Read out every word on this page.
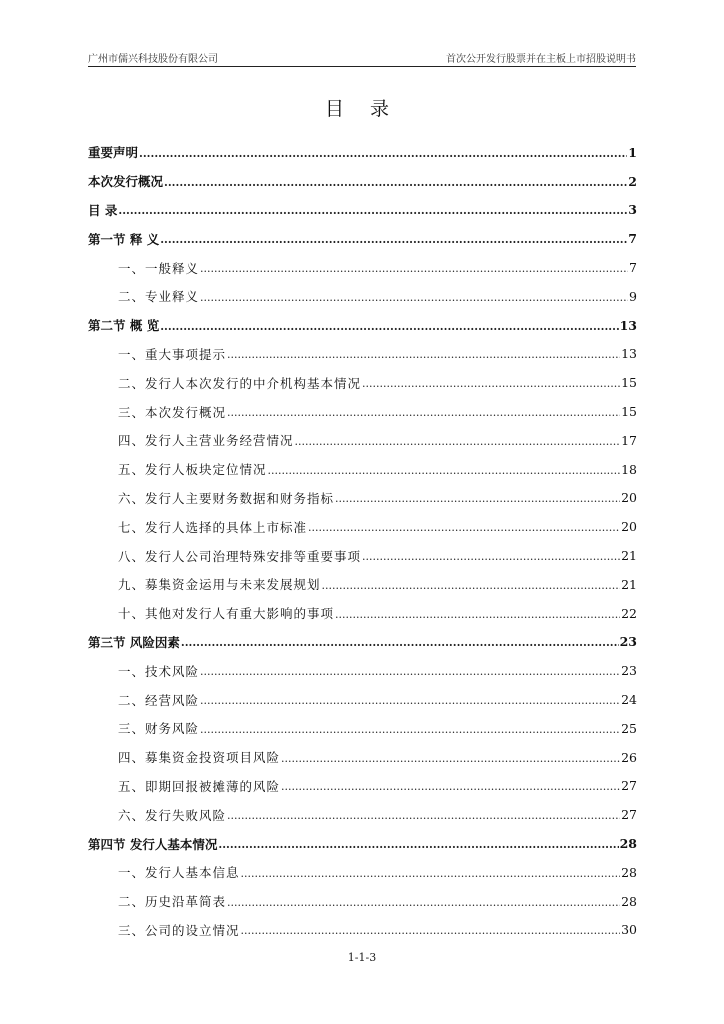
广州市儒兴科技股份有限公司	首次公开发行股票并在主板上市招股说明书
目 录
重要声明 .....	1
本次发行概况 .....	2
目 录 .....	3
第一节 释 义 .....	7
一、一般释义 .....	7
二、专业释义 .....	9
第二节 概 览 .....	13
一、重大事项提示 .....	13
二、发行人本次发行的中介机构基本情况 .....	15
三、本次发行概况 .....	15
四、发行人主营业务经营情况 .....	17
五、发行人板块定位情况 .....	18
六、发行人主要财务数据和财务指标 .....	20
七、发行人选择的具体上市标准 .....	20
八、发行人公司治理特殊安排等重要事项 .....	21
九、募集资金运用与未来发展规划 .....	21
十、其他对发行人有重大影响的事项 .....	22
第三节 风险因素 .....	23
一、技术风险 .....	23
二、经营风险 .....	24
三、财务风险 .....	25
四、募集资金投资项目风险 .....	26
五、即期回报被摊薄的风险 .....	27
六、发行失败风险 .....	27
第四节 发行人基本情况 .....	28
一、发行人基本信息 .....	28
二、历史沿革简表 .....	28
三、公司的设立情况 .....	30
1-1-3
